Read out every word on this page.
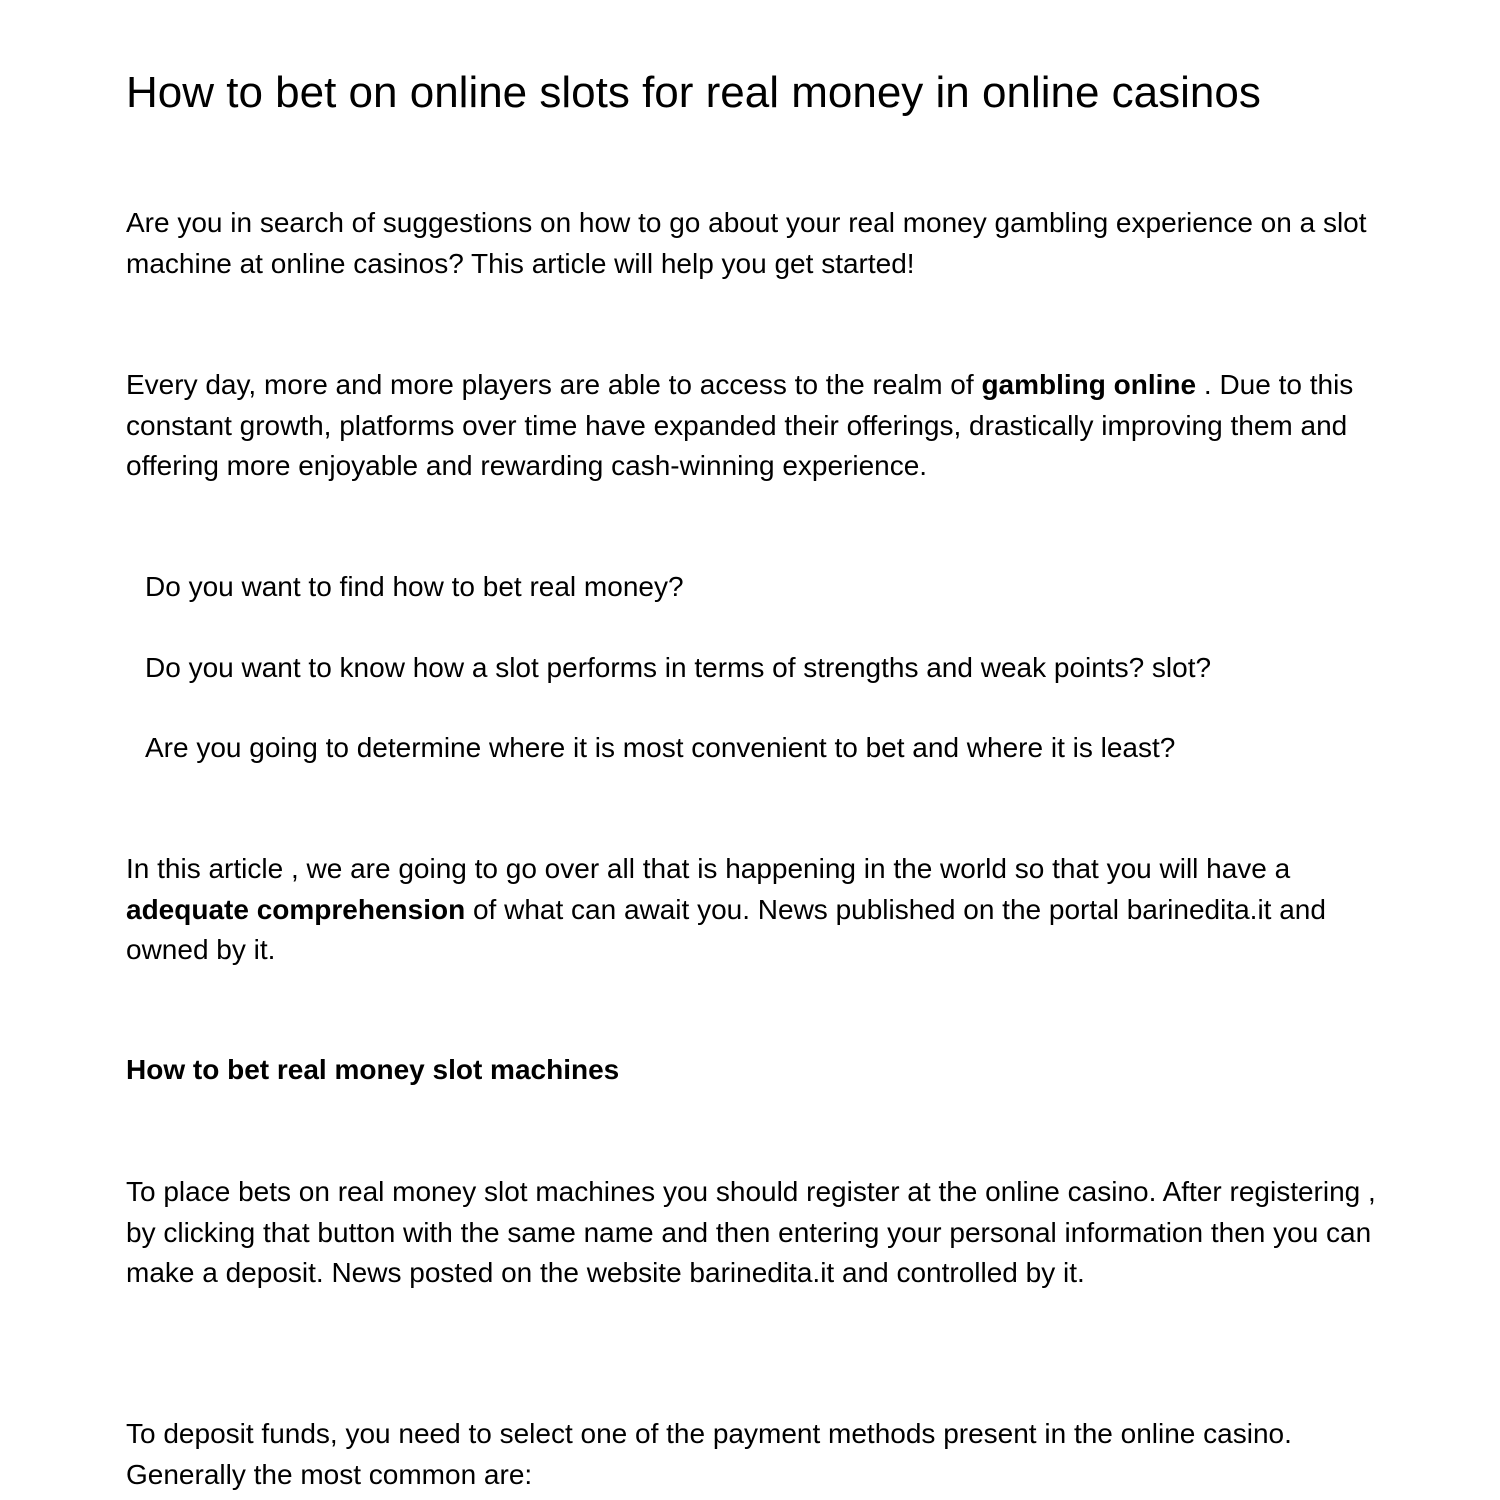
How to bet on online slots for real money in online casinos

Are you in search of suggestions on how to go about your real money gambling experience on a slot machine at online casinos? This article will help you get started!

Every day, more and more players are able to access to the realm of gambling online . Due to this constant growth, platforms over time have expanded their offerings, drastically improving them and offering more enjoyable and rewarding cash-winning experience.

Do you want to find how to bet real money?

Do you want to know how a slot performs in terms of strengths and weak points? slot?

Are you going to determine where it is most convenient to bet and where it is least?

In this article , we are going to go over all that is happening in the world so that you will have a adequate comprehension of what can await you. News published on the portal barinedita.it and owned by it.

How to bet real money slot machines

To place bets on real money slot machines you should register at the online casino. After registering , by clicking that button with the same name and then entering your personal information then you can make a deposit. News posted on the website barinedita.it and controlled by it.

To deposit funds, you need to select one of the payment methods present in the online casino. Generally the most common are:
